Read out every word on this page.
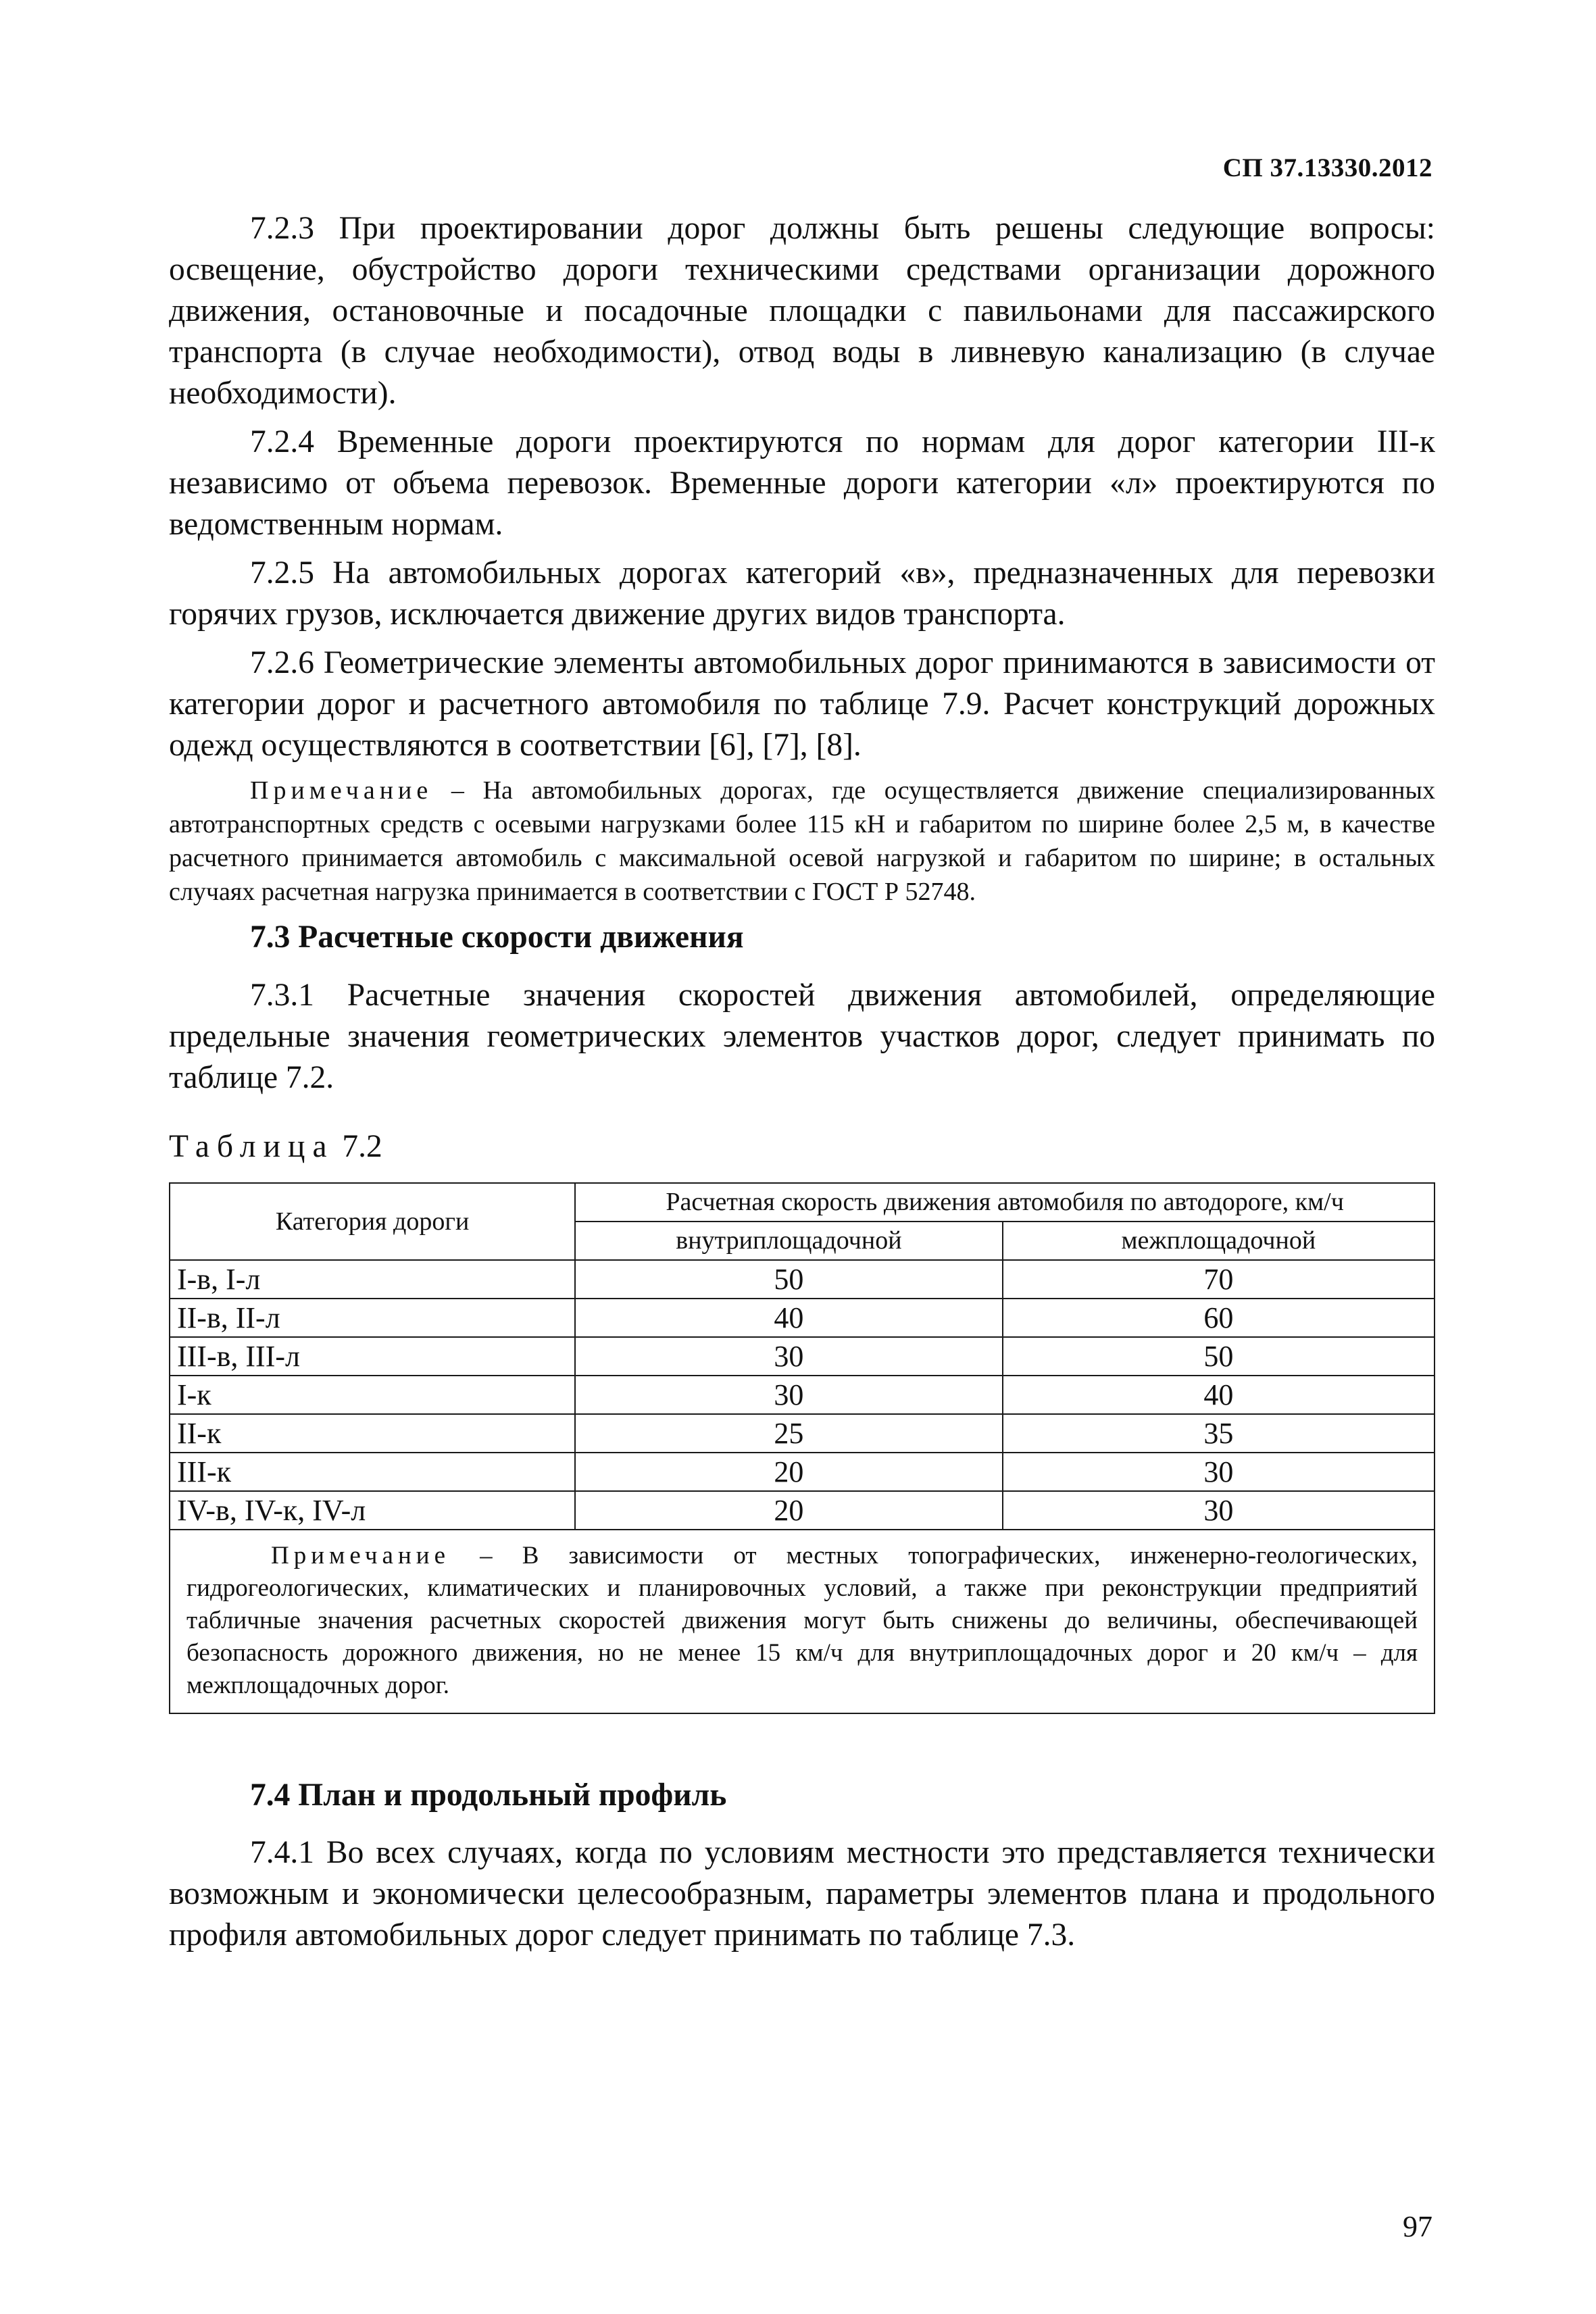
СП 37.13330.2012

7.2.3 При проектировании дорог должны быть решены следующие вопросы: освещение, обустройство дороги техническими средствами организации дорожного движения, остановочные и посадочные площадки с павильонами для пассажирского транспорта (в случае необходимости), отвод воды в ливневую канализацию (в случае необходимости).

7.2.4 Временные дороги проектируются по нормам для дорог категории III-к независимо от объема перевозок. Временные дороги категории «л» проектируются по ведомственным нормам.

7.2.5 На автомобильных дорогах категорий «в», предназначенных для перевозки горячих грузов, исключается движение других видов транспорта.

7.2.6 Геометрические элементы автомобильных дорог принимаются в зависимости от категории дорог и расчетного автомобиля по таблице 7.9. Расчет конструкций дорожных одежд осуществляются в соответствии [6], [7], [8].

Примечание – На автомобильных дорогах, где осуществляется движение специализированных автотранспортных средств с осевыми нагрузками более 115 кН и габаритом по ширине более 2,5 м, в качестве расчетного принимается автомобиль с максимальной осевой нагрузкой и габаритом по ширине; в остальных случаях расчетная нагрузка принимается в соответствии с ГОСТ Р 52748.

7.3 Расчетные скорости движения

7.3.1 Расчетные значения скоростей движения автомобилей, определяющие предельные значения геометрических элементов участков дорог, следует принимать по таблице 7.2.

Таблица 7.2
Категория дороги	Расчетная скорость движения автомобиля по автодороге, км/ч	
	внутриплощадочной	межплощадочной
I-в, I-л	50	70
II-в, II-л	40	60
III-в, III-л	30	50
I-к	30	40
II-к	25	35
III-к	20	30
IV-в, IV-к, IV-л	20	30
Примечание – В зависимости от местных топографических, инженерно-геологических, гидрогеологических, климатических и планировочных условий, а также при реконструкции предприятий табличные значения расчетных скоростей движения могут быть снижены до величины, обеспечивающей безопасность дорожного движения, но не менее 15 км/ч для внутриплощадочных дорог и 20 км/ч – для межплощадочных дорог.		
7.4 План и продольный профиль

7.4.1 Во всех случаях, когда по условиям местности это представляется технически возможным и экономически целесообразным, параметры элементов плана и продольного профиля автомобильных дорог следует принимать по таблице 7.3.

97
